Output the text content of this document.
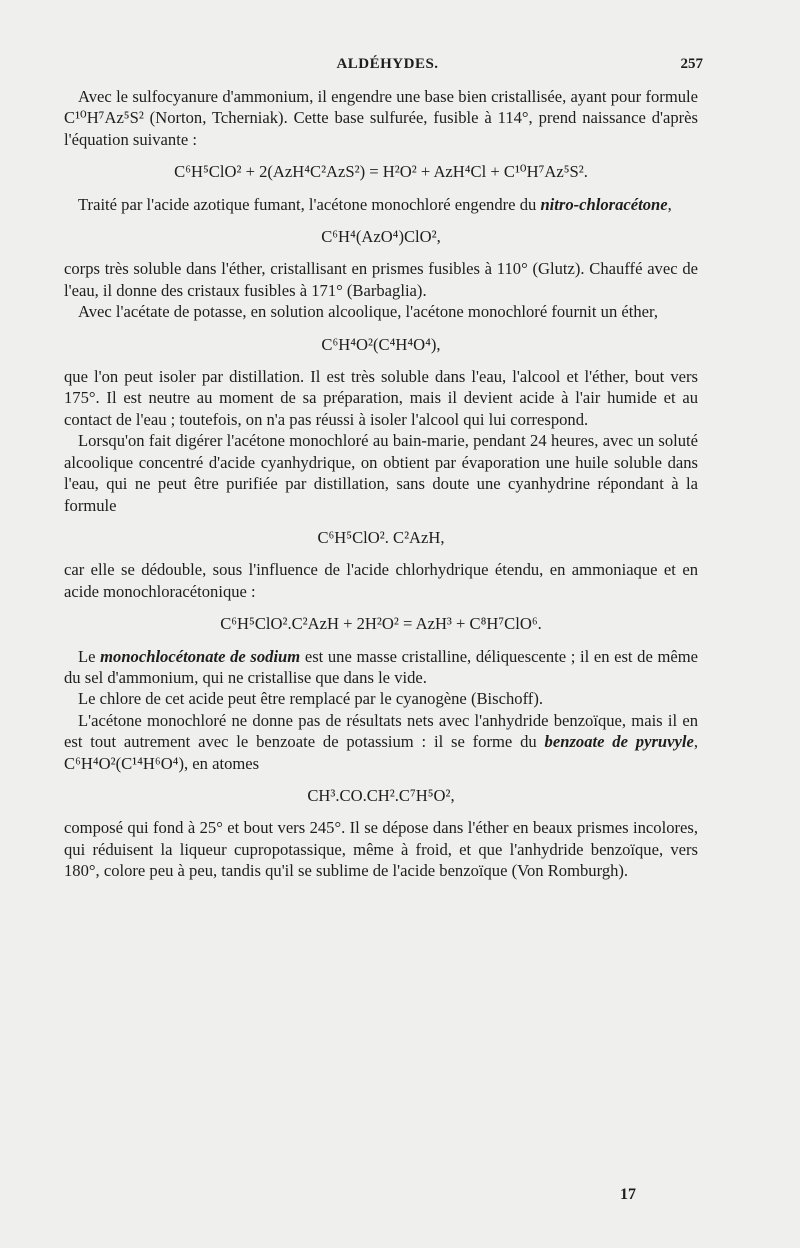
ALDÉHYDES.	257

Avec le sulfocyanure d'ammonium, il engendre une base bien cristallisée, ayant pour formule C¹⁰H⁷Az⁵S² (Norton, Tcherniak). Cette base sulfurée, fusible à 114°, prend naissance d'après l'équation suivante :

C⁶H⁵ClO² + 2(AzH⁴C²AzS²) = H²O² + AzH⁴Cl + C¹⁰H⁷Az⁵S².

Traité par l'acide azotique fumant, l'acétone monochloré engendre du nitro-chloracétone,

C⁶H⁴(AzO⁴)ClO²,

corps très soluble dans l'éther, cristallisant en prismes fusibles à 110° (Glutz). Chauffé avec de l'eau, il donne des cristaux fusibles à 171° (Barbaglia).

Avec l'acétate de potasse, en solution alcoolique, l'acétone monochloré fournit un éther,

C⁶H⁴O²(C⁴H⁴O⁴),

que l'on peut isoler par distillation. Il est très soluble dans l'eau, l'alcool et l'éther, bout vers 175°. Il est neutre au moment de sa préparation, mais il devient acide à l'air humide et au contact de l'eau ; toutefois, on n'a pas réussi à isoler l'alcool qui lui correspond.

Lorsqu'on fait digérer l'acétone monochloré au bain-marie, pendant 24 heures, avec un soluté alcoolique concentré d'acide cyanhydrique, on obtient par évaporation une huile soluble dans l'eau, qui ne peut être purifiée par distillation, sans doute une cyanhydrine répondant à la formule

C⁶H⁵ClO². C²AzH,

car elle se dédouble, sous l'influence de l'acide chlorhydrique étendu, en ammoniaque et en acide monochloracétonique :

C⁶H⁵ClO².C²AzH + 2H²O² = AzH³ + C⁸H⁷ClO⁶.

Le monochlocétonate de sodium est une masse cristalline, déliquescente ; il en est de même du sel d'ammonium, qui ne cristallise que dans le vide.

Le chlore de cet acide peut être remplacé par le cyanogène (Bischoff).

L'acétone monochloré ne donne pas de résultats nets avec l'anhydride benzoïque, mais il en est tout autrement avec le benzoate de potassium : il se forme du benzoate de pyruvyle, C⁶H⁴O²(C¹⁴H⁶O⁴), en atomes

CH³.CO.CH².C⁷H⁵O²,

composé qui fond à 25° et bout vers 245°. Il se dépose dans l'éther en beaux prismes incolores, qui réduisent la liqueur cupropotassique, même à froid, et que l'anhydride benzoïque, vers 180°, colore peu à peu, tandis qu'il se sublime de l'acide benzoïque (Von Romburgh).

17
